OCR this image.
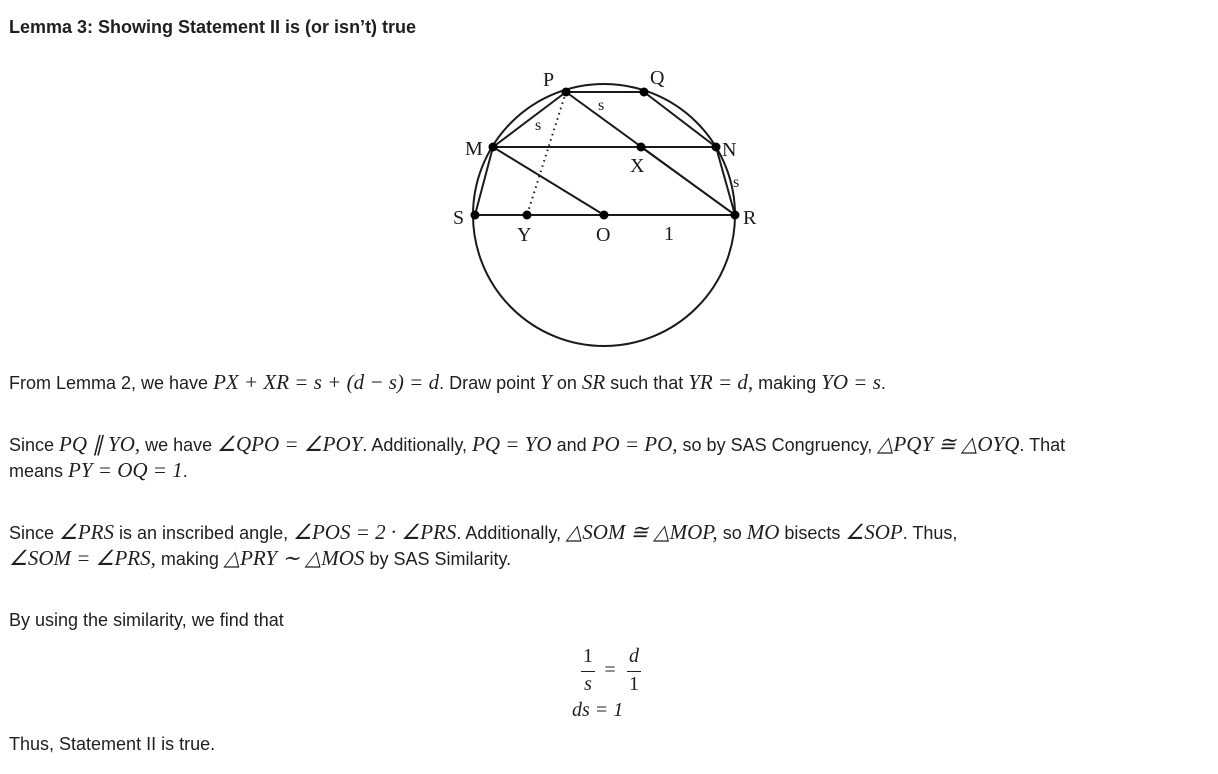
Lemma 3: Showing Statement II is (or isn’t) true
P	Q
M	N
X
S
Y	O
R
1
s
s
s
From Lemma 2, we have PX + XR = s + (d − s) = d. Draw point Y on SR such that YR = d, making YO = s.
Since PQ ∥ YO, we have ∠QPO = ∠POY. Additionally, PQ = YO and PO = PO, so by SAS Congruency, △PQY ≅ △OYQ. That
means PY = OQ = 1.
Since ∠PRS is an inscribed angle, ∠POS = 2 · ∠PRS. Additionally, △SOM ≅ △MOP, so MO bisects ∠SOP. Thus,
∠SOM = ∠PRS, making △PRY ∼ △MOS by SAS Similarity.
By using the similarity, we find that
1
s
=
d
1
ds = 1
Thus, Statement II is true.
